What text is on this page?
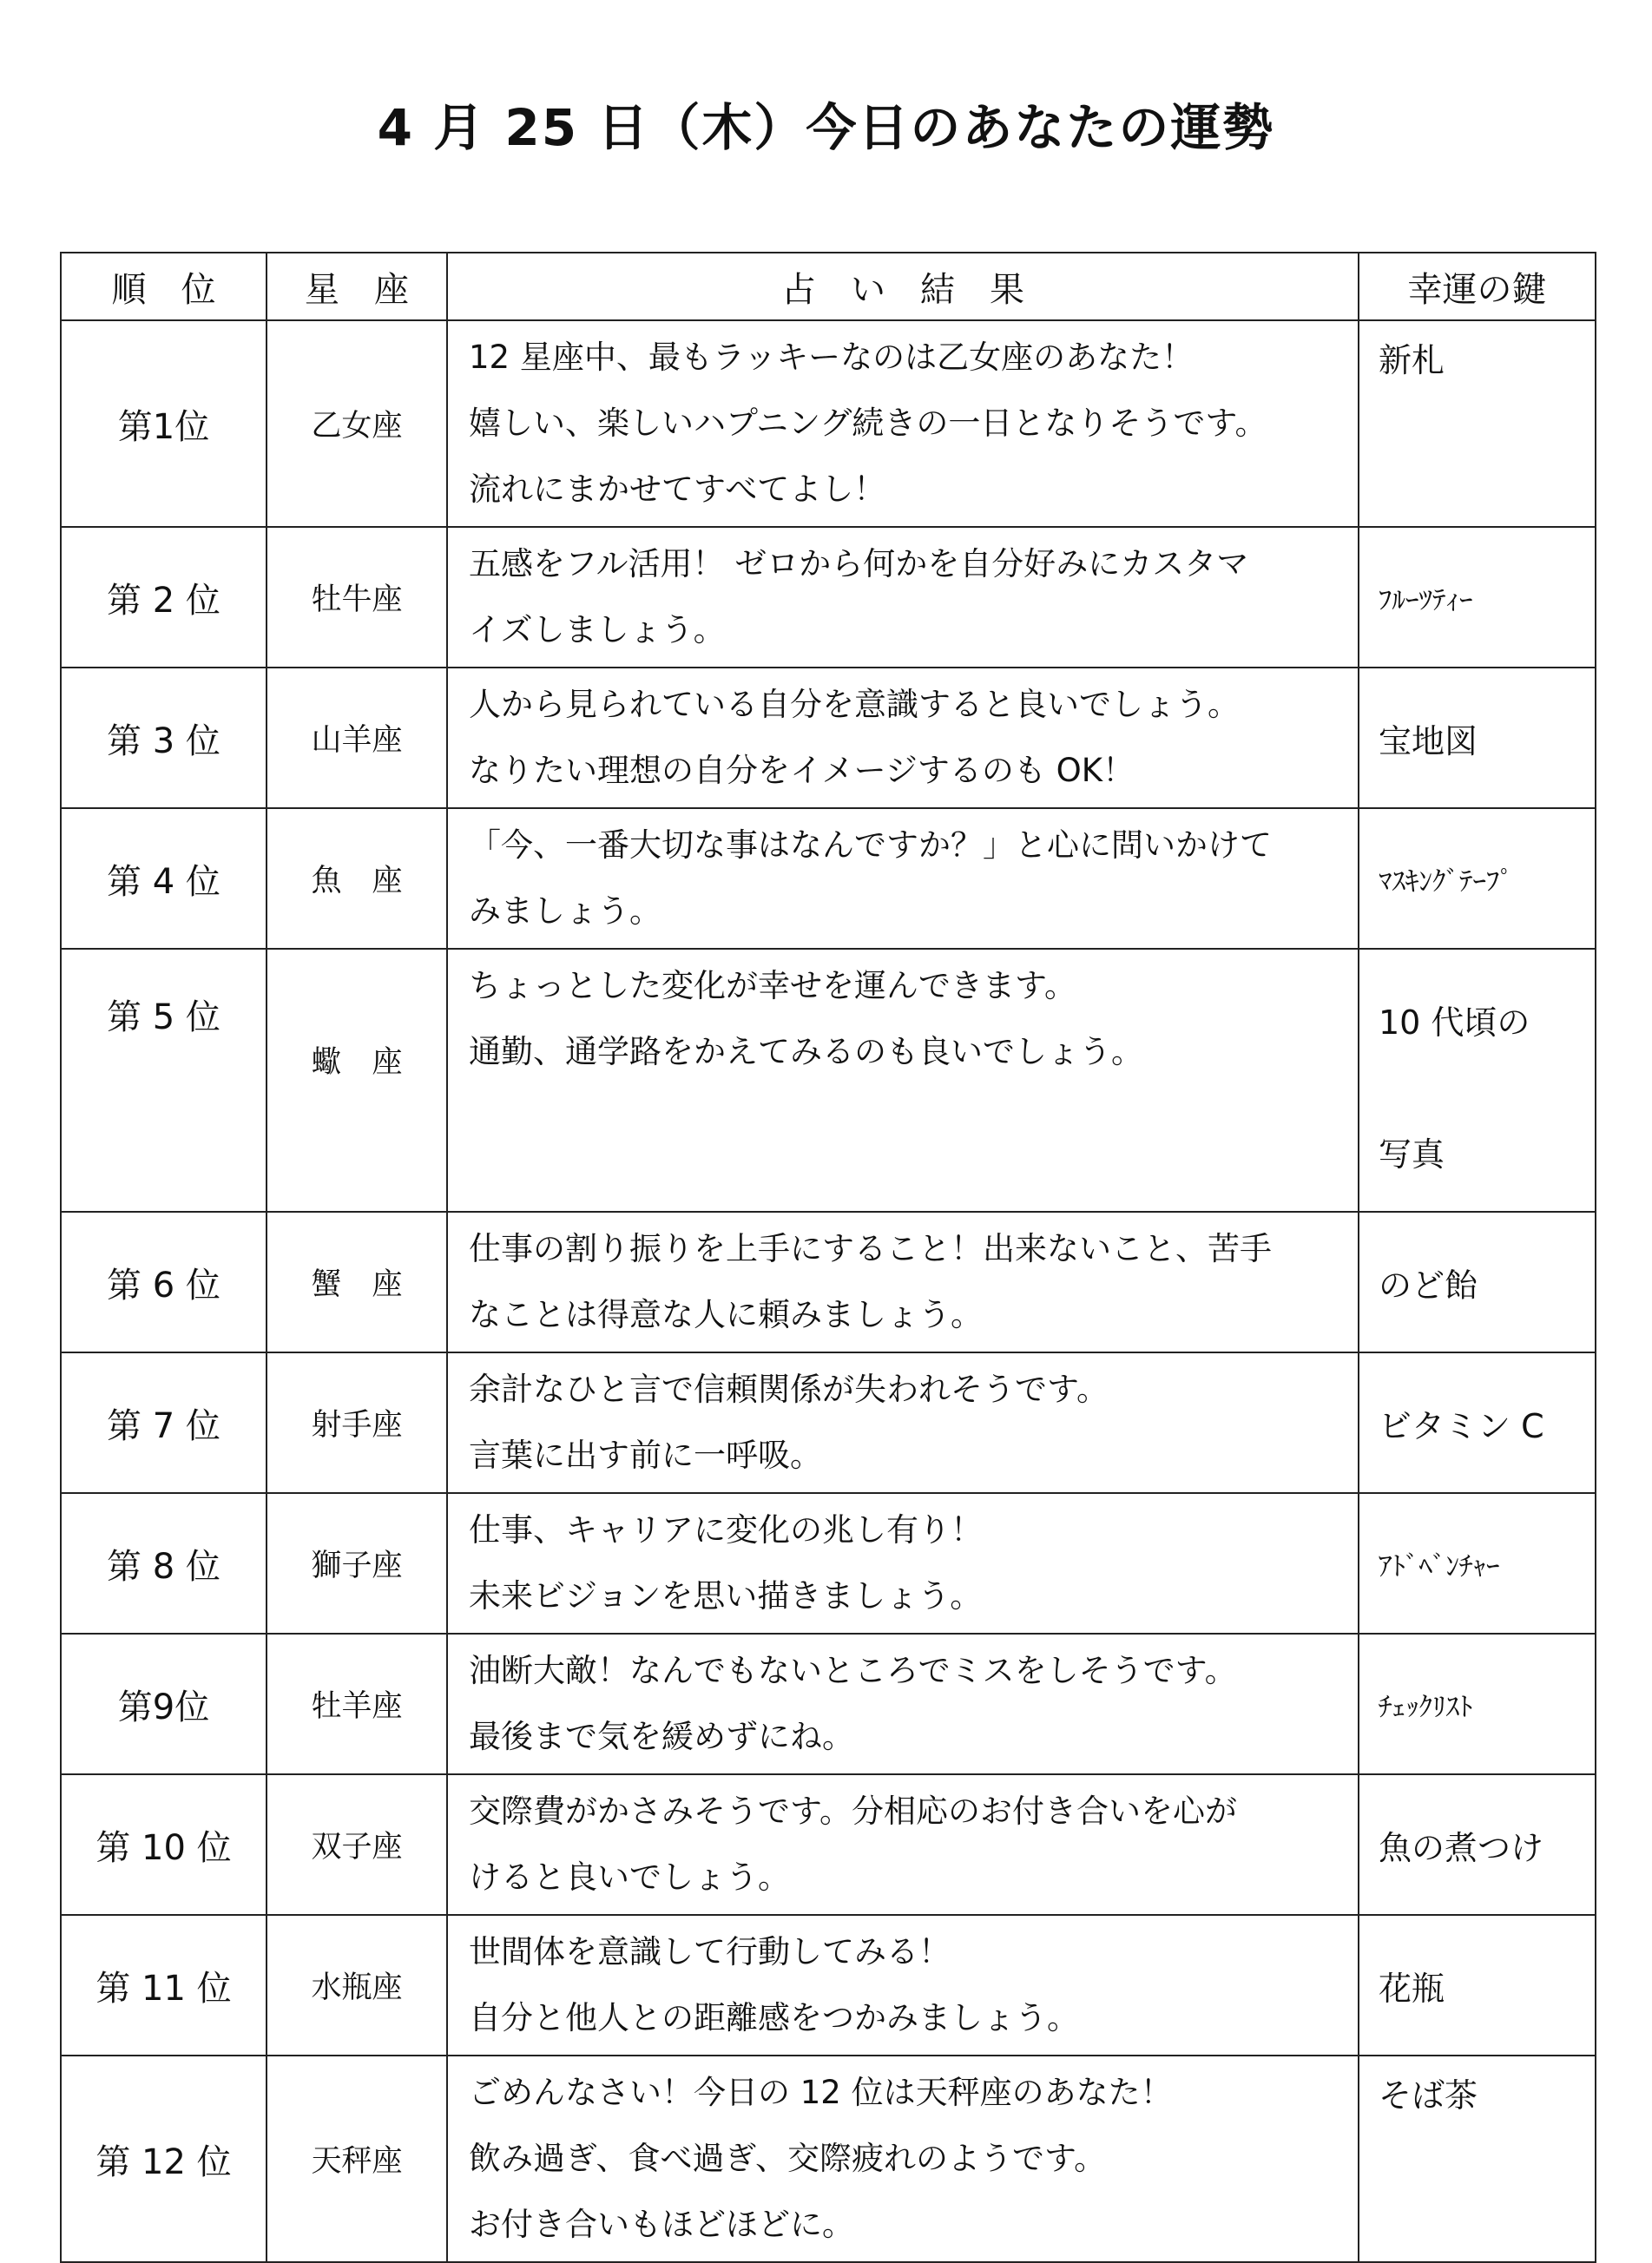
4 月 25 日（木）今日のあなたの運勢
順　位	星　座	占　い　結　果	幸運の鍵
第1位	乙女座	12 星座中、最もラッキーなのは乙女座のあなた！
嬉しい、楽しいハプニング続きの一日となりそうです。
流れにまかせてすべてよし！	新札
第 2 位	牡牛座	五感をフル活用！ ゼロから何かを自分好みにカスタマ
イズしましょう。	ﾌﾙｰﾂﾃｨｰ
第 3 位	山羊座	人から見られている自分を意識すると良いでしょう。
なりたい理想の自分をイメージするのも OK！	宝地図
第 4 位	魚　座	「今、一番大切な事はなんですか？」と心に問いかけて
みましょう。	ﾏｽｷﾝｸﾞﾃｰﾌﾟ
第 5 位	蠍　座	ちょっとした変化が幸せを運んできます。
通勤、通学路をかえてみるのも良いでしょう。	10 代頃の
写真

第 6 位	蟹　座	仕事の割り振りを上手にすること！出来ないこと、苦手
なことは得意な人に頼みましょう。	のど飴
第 7 位	射手座	余計なひと言で信頼関係が失われそうです。
言葉に出す前に一呼吸。	ビタミン C
第 8 位	獅子座	仕事、キャリアに変化の兆し有り！
未来ビジョンを思い描きましょう。	ｱﾄﾞﾍﾞﾝﾁｬｰ
第9位	牡羊座	油断大敵！なんでもないところでミスをしそうです。
最後まで気を緩めずにね。	ﾁｪｯｸﾘｽﾄ
第 10 位	双子座	交際費がかさみそうです。分相応のお付き合いを心が
けると良いでしょう。	魚の煮つけ
第 11 位	水瓶座	世間体を意識して行動してみる！
自分と他人との距離感をつかみましょう。	花瓶
第 12 位	天秤座	ごめんなさい！今日の 12 位は天秤座のあなた！
飲み過ぎ、食べ過ぎ、交際疲れのようです。
お付き合いもほどほどに。	そば茶
